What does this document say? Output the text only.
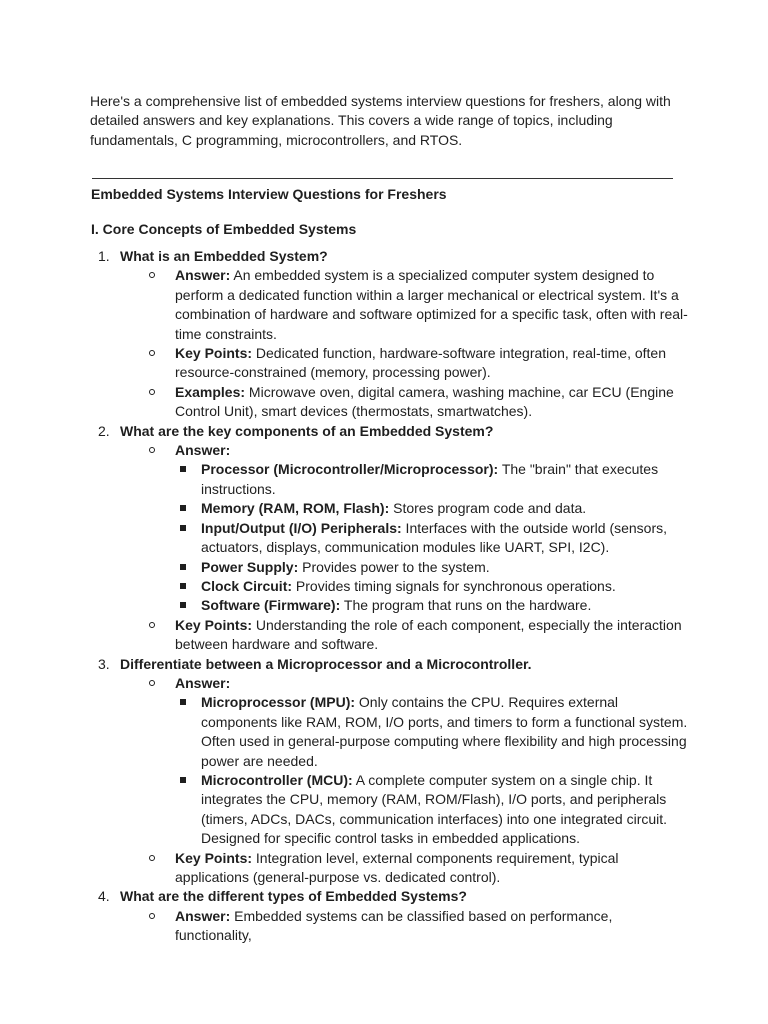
Here's a comprehensive list of embedded systems interview questions for freshers, along with detailed answers and key explanations. This covers a wide range of topics, including fundamentals, C programming, microcontrollers, and RTOS.

Embedded Systems Interview Questions for Freshers
I. Core Concepts of Embedded Systems
1. What is an Embedded System?
Answer: An embedded system is a specialized computer system designed to perform a dedicated function within a larger mechanical or electrical system. It's a combination of hardware and software optimized for a specific task, often with real-time constraints.
Key Points: Dedicated function, hardware-software integration, real-time, often resource-constrained (memory, processing power).
Examples: Microwave oven, digital camera, washing machine, car ECU (Engine Control Unit), smart devices (thermostats, smartwatches).
2. What are the key components of an Embedded System?
Answer:
Processor (Microcontroller/Microprocessor): The "brain" that executes instructions.
Memory (RAM, ROM, Flash): Stores program code and data.
Input/Output (I/O) Peripherals: Interfaces with the outside world (sensors, actuators, displays, communication modules like UART, SPI, I2C).
Power Supply: Provides power to the system.
Clock Circuit: Provides timing signals for synchronous operations.
Software (Firmware): The program that runs on the hardware.
Key Points: Understanding the role of each component, especially the interaction between hardware and software.
3. Differentiate between a Microprocessor and a Microcontroller.
Answer:
Microprocessor (MPU): Only contains the CPU. Requires external components like RAM, ROM, I/O ports, and timers to form a functional system. Often used in general-purpose computing where flexibility and high processing power are needed.
Microcontroller (MCU): A complete computer system on a single chip. It integrates the CPU, memory (RAM, ROM/Flash), I/O ports, and peripherals (timers, ADCs, DACs, communication interfaces) into one integrated circuit. Designed for specific control tasks in embedded applications.
Key Points: Integration level, external components requirement, typical applications (general-purpose vs. dedicated control).
4. What are the different types of Embedded Systems?
Answer: Embedded systems can be classified based on performance, functionality,
